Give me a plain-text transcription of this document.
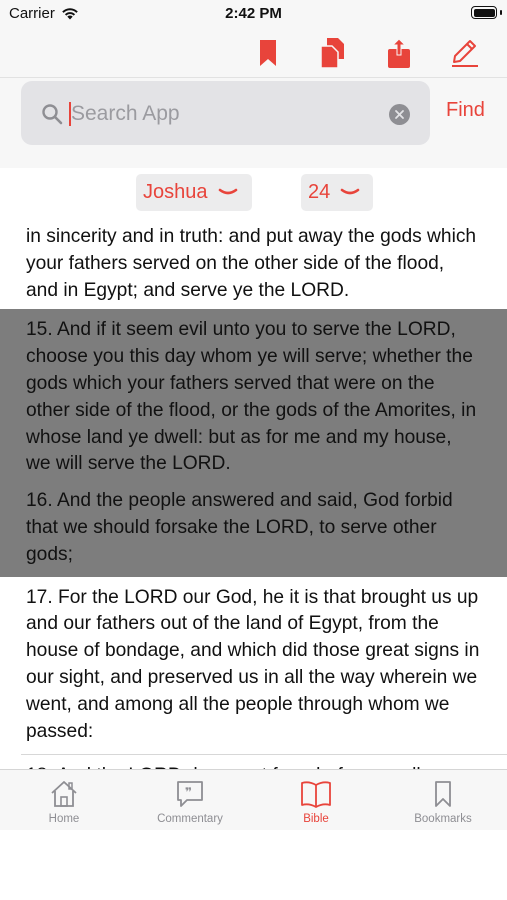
Carrier	2:42 PM
Search App
Find
Joshua	24
in sincerity and in truth: and put away the gods which your fathers served on the other side of the flood, and in Egypt; and serve ye the LORD.
15. And if it seem evil unto you to serve the LORD, choose you this day whom ye will serve; whether the gods which your fathers served that were on the other side of the flood, or the gods of the Amorites, in whose land ye dwell: but as for me and my house, we will serve the LORD.
16. And the people answered and said, God forbid that we should forsake the LORD, to serve other gods;
17. For the LORD our God, he it is that brought us up and our fathers out of the land of Egypt, from the house of bondage, and which did those great signs in our sight, and preserved us in all the way wherein we went, and among all the people through whom we passed:
Home
❞
Commentary	Bible	Bookmarks
